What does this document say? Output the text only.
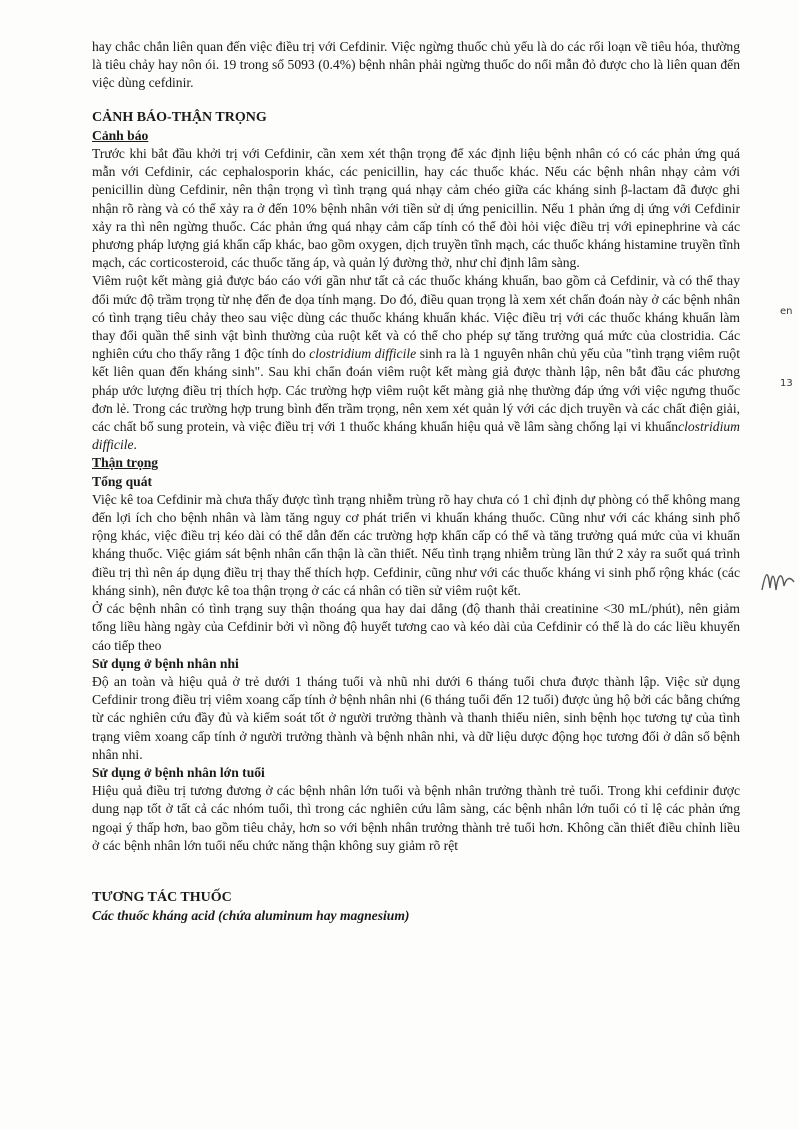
hay chắc chắn liên quan đến việc điều trị với Cefdinir. Việc ngừng thuốc chủ yếu là do các rối loạn về tiêu hóa, thường là tiêu chảy hay nôn ói. 19 trong số 5093 (0.4%) bệnh nhân phải ngừng thuốc do nổi mẫn đỏ được cho là liên quan đến việc dùng cefdinir.

CẢNH BÁO-THẬN TRỌNG

Cảnh báo

Trước khi bắt đầu khởi trị với Cefdinir, cần xem xét thận trọng để xác định liệu bệnh nhân có có các phản ứng quá mẫn với Cefdinir, các cephalosporin khác, các penicillin, hay các thuốc khác. Nếu các bệnh nhân nhạy cảm với penicillin dùng Cefdinir, nên thận trọng vì tình trạng quá nhạy cảm chéo giữa các kháng sinh β-lactam đã được ghi nhận rõ ràng và có thể xảy ra ở đến 10% bệnh nhân với tiền sử dị ứng penicillin. Nếu 1 phản ứng dị ứng với Cefdinir xảy ra thì nên ngừng thuốc. Các phản ứng quá nhạy cảm cấp tính có thể đòi hỏi việc điều trị với epinephrine và các phương pháp lượng giá khẩn cấp khác, bao gồm oxygen, dịch truyền tĩnh mạch, các thuốc kháng histamine truyền tĩnh mạch, các corticosteroid, các thuốc tăng áp, và quản lý đường thở, như chỉ định lâm sàng.

Viêm ruột kết màng giả được báo cáo với gần như tất cả các thuốc kháng khuẩn, bao gồm cả Cefdinir, và có thể thay đổi mức độ trầm trọng từ nhẹ đến đe dọa tính mạng. Do đó, điều quan trọng là xem xét chẩn đoán này ở các bệnh nhân có tình trạng tiêu chảy theo sau việc dùng các thuốc kháng khuẩn khác. Việc điều trị với các thuốc kháng khuẩn làm thay đổi quần thể sinh vật bình thường của ruột kết và có thể cho phép sự tăng trưởng quá mức của clostridia. Các nghiên cứu cho thấy rằng 1 độc tính do clostridium difficile sinh ra là 1 nguyên nhân chủ yếu của "tình trạng viêm ruột kết liên quan đến kháng sinh". Sau khi chẩn đoán viêm ruột kết màng giả được thành lập, nên bắt đầu các phương pháp ước lượng điều trị thích hợp. Các trường hợp viêm ruột kết màng giả nhẹ thường đáp ứng với việc ngưng thuốc đơn lẻ. Trong các trường hợp trung bình đến trầm trọng, nên xem xét quản lý với các dịch truyền và các chất điện giải, các chất bổ sung protein, và việc điều trị với 1 thuốc kháng khuẩn hiệu quả về lâm sàng chống lại vi khuẩnclostridium difficile.

Thận trọng

Tổng quát

Việc kê toa Cefdinir mà chưa thấy được tình trạng nhiễm trùng rõ hay chưa có 1 chỉ định dự phòng có thể không mang đến lợi ích cho bệnh nhân và làm tăng nguy cơ phát triển vi khuẩn kháng thuốc. Cũng như với các kháng sinh phổ rộng khác, việc điều trị kéo dài có thể dẫn đến các trường hợp khẩn cấp có thể và tăng trưởng quá mức của vi khuẩn kháng thuốc. Việc giám sát bệnh nhân cẩn thận là cần thiết. Nếu tình trạng nhiễm trùng lần thứ 2 xảy ra suốt quá trình điều trị thì nên áp dụng điều trị thay thế thích hợp. Cefdinir, cũng như với các thuốc kháng vi sinh phổ rộng khác (các kháng sinh), nên được kê toa thận trọng ở các cá nhân có tiền sử viêm ruột kết.

Ở các bệnh nhân có tình trạng suy thận thoáng qua hay dai dẳng (độ thanh thải creatinine <30 mL/phút), nên giảm tổng liều hàng ngày của Cefdinir bởi vì nồng độ huyết tương cao và kéo dài của Cefdinir có thể là do các liều khuyến cáo tiếp theo

Sử dụng ở bệnh nhân nhi

Độ an toàn và hiệu quả ở trẻ dưới 1 tháng tuổi và nhũ nhi dưới 6 tháng tuổi chưa được thành lập. Việc sử dụng Cefdinir trong điều trị viêm xoang cấp tính ở bệnh nhân nhi (6 tháng tuổi đến 12 tuổi) được ủng hộ bởi các bằng chứng từ các nghiên cứu đầy đủ và kiểm soát tốt ở người trưởng thành và thanh thiếu niên, sinh bệnh học tương tự của tình trạng viêm xoang cấp tính ở người trưởng thành và bệnh nhân nhi, và dữ liệu dược động học tương đối ở dân số bệnh nhân nhi.

Sử dụng ở bệnh nhân lớn tuổi

Hiệu quả điều trị tương đương ở các bệnh nhân lớn tuổi và bệnh nhân trưởng thành trẻ tuổi. Trong khi cefdinir được dung nạp tốt ở tất cả các nhóm tuổi, thì trong các nghiên cứu lâm sàng, các bệnh nhân lớn tuổi có tỉ lệ các phản ứng ngoại ý thấp hơn, bao gồm tiêu chảy, hơn so với bệnh nhân trưởng thành trẻ tuổi hơn. Không cần thiết điều chỉnh liều ở các bệnh nhân lớn tuổi nếu chức năng thận không suy giảm rõ rệt

TƯƠNG TÁC THUỐC

Các thuốc kháng acid (chứa aluminum hay magnesium)

en
13
